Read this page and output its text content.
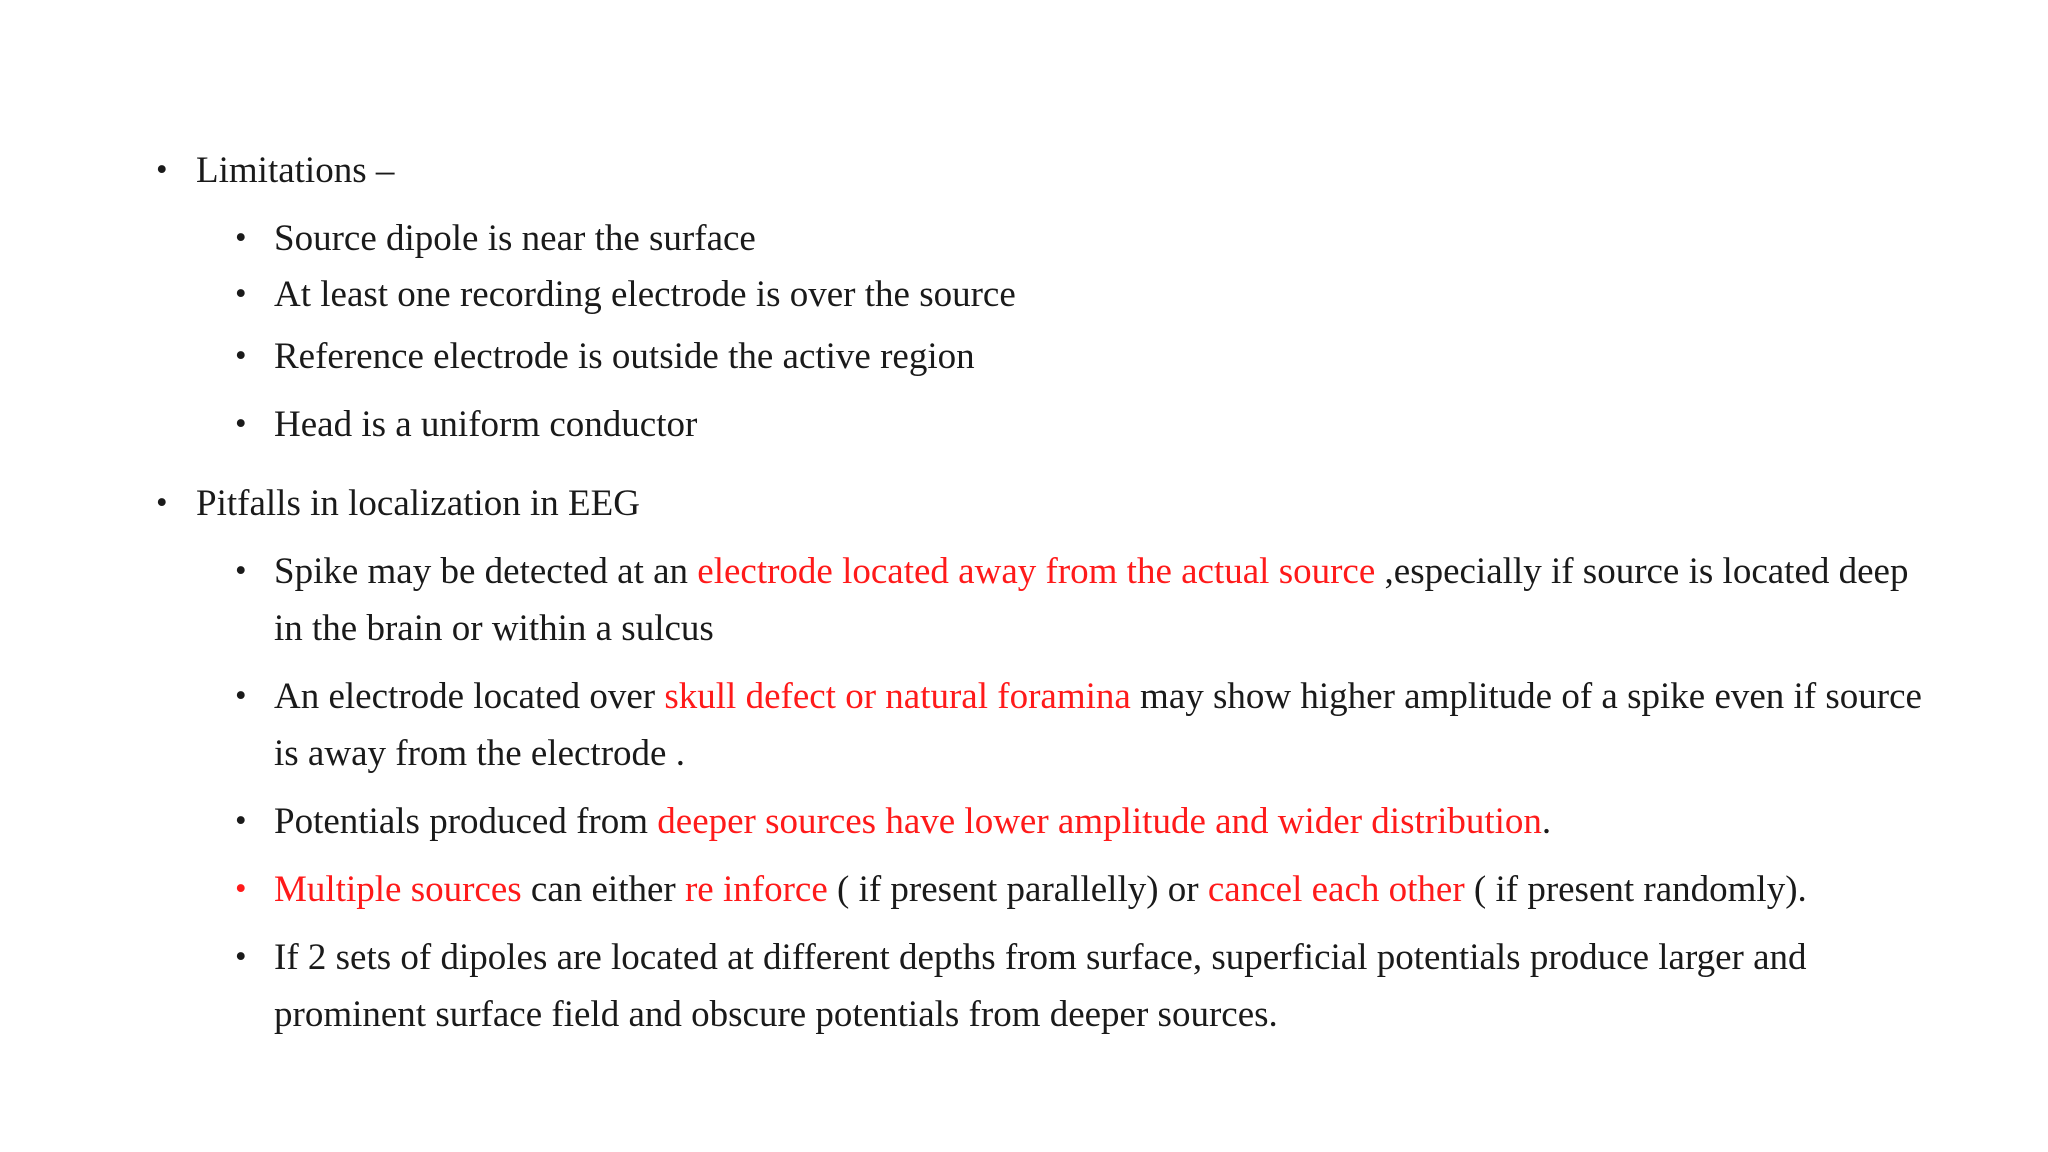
• Limitations –
• Source dipole is near the surface
• At least one recording electrode is over the source
• Reference electrode is outside the active region
• Head is a uniform conductor
• Pitfalls in localization in EEG
• Spike may be detected at an electrode located away from the actual source ,especially if source is located deep
in the brain or within a sulcus
• An electrode located over skull defect or natural foramina may show higher amplitude of a spike even if source
is away from the electrode .
• Potentials produced from deeper sources have lower amplitude and wider distribution.
• Multiple sources can either re inforce ( if present parallelly) or cancel each other ( if present randomly).
• If 2 sets of dipoles are located at different depths from surface, superficial potentials produce larger and
prominent surface field and obscure potentials from deeper sources.
